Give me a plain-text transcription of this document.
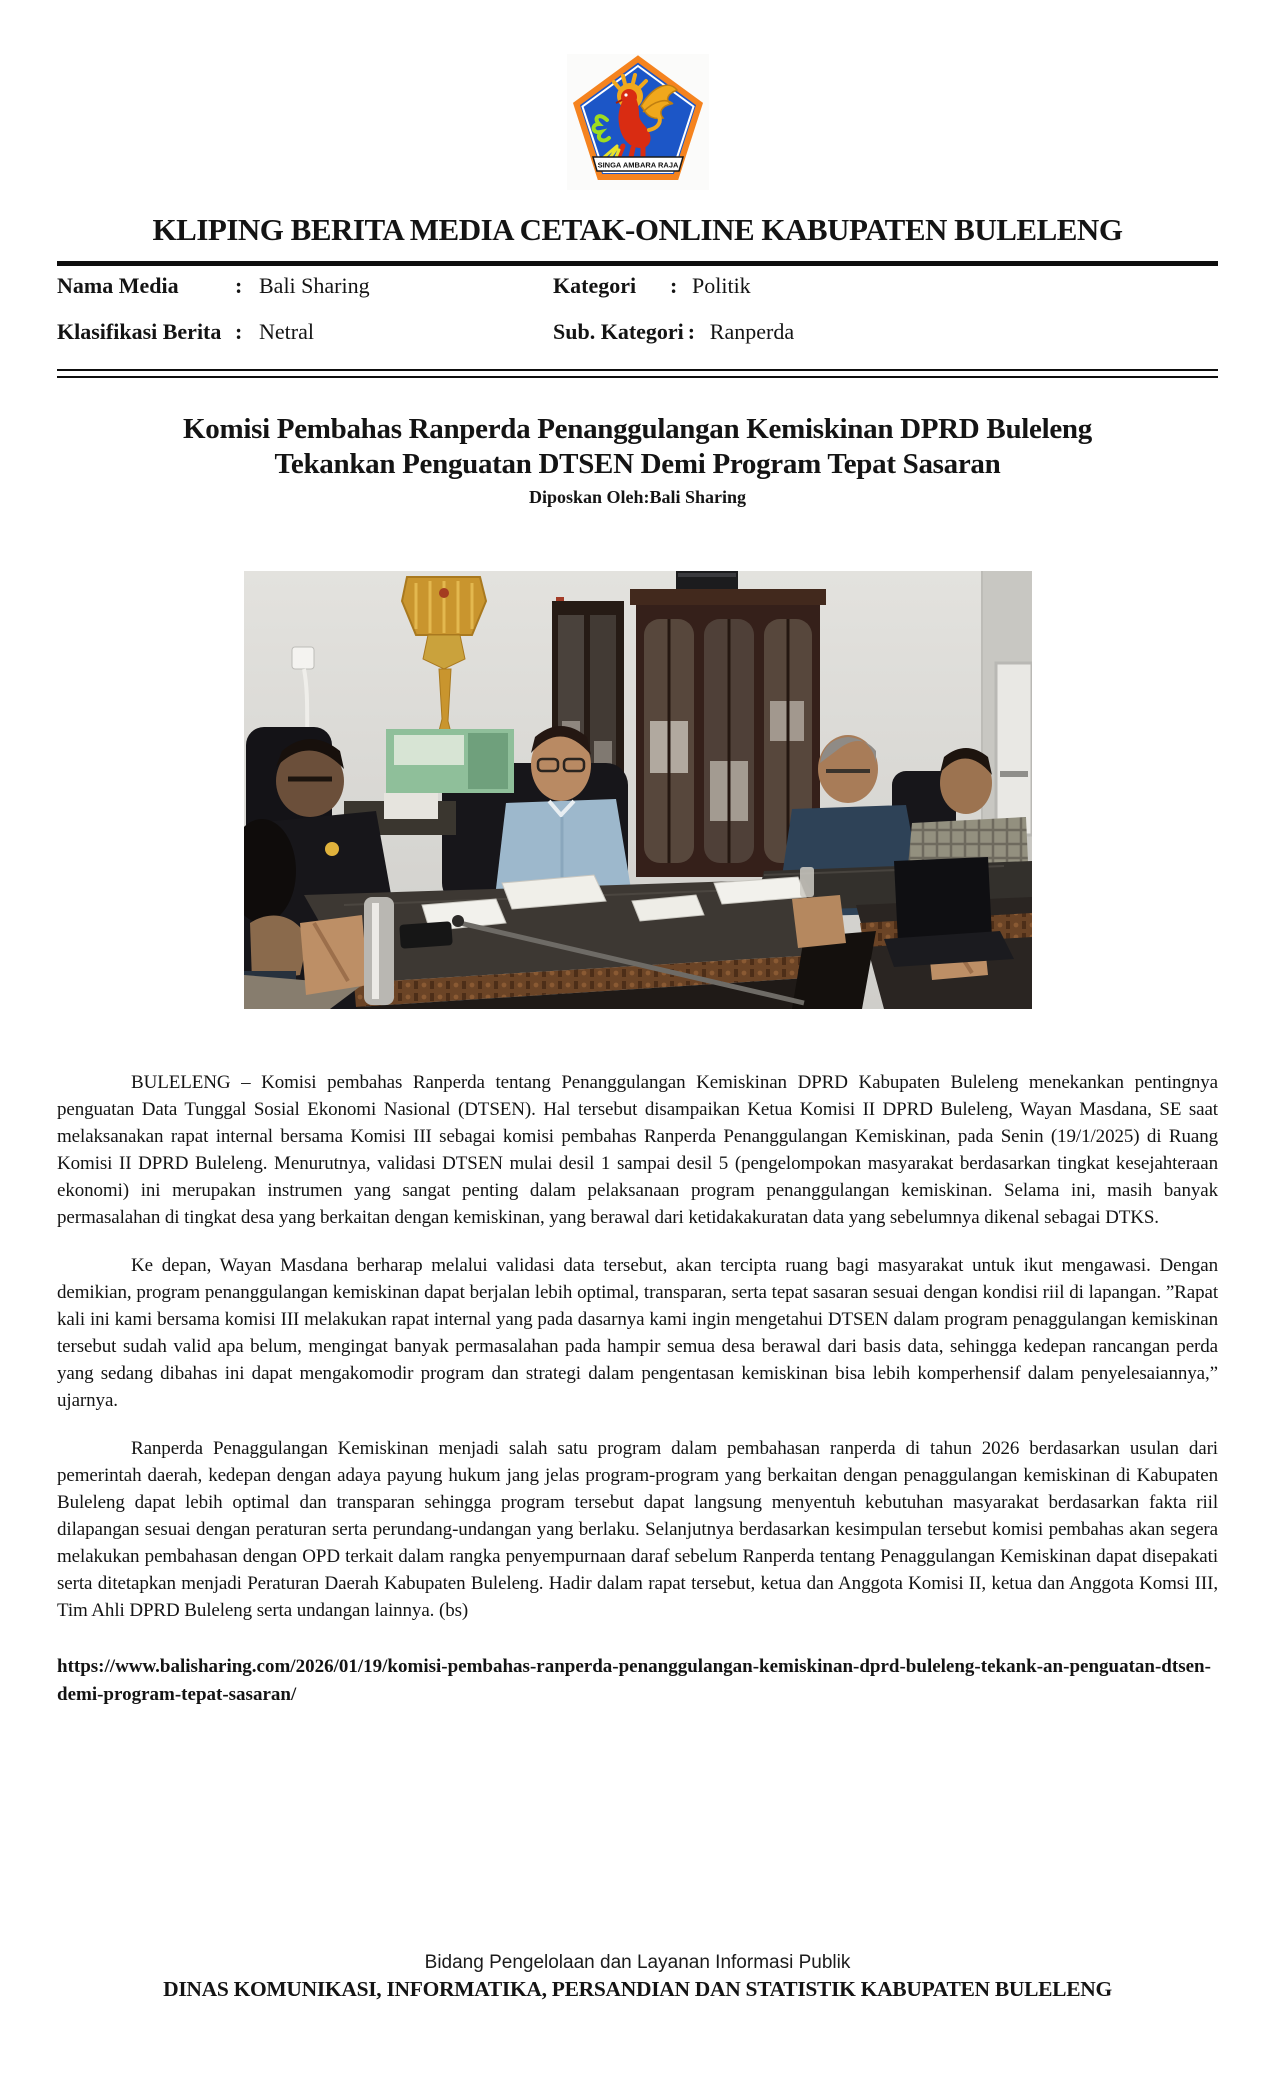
SINGA AMBARA RAJA
KLIPING BERITA MEDIA CETAK-ONLINE KABUPATEN BULELENG
Nama Media	: Bali Sharing	Kategori	: Politik
Klasifikasi Berita : Netral	Sub. Kategori : Ranperda
Komisi Pembahas Ranperda Penanggulangan Kemiskinan DPRD Buleleng
Tekankan Penguatan DTSEN Demi Program Tepat Sasaran
Diposkan Oleh:Bali Sharing

BULELENG – Komisi pembahas Ranperda tentang Penanggulangan Kemiskinan DPRD Kabupaten Buleleng menekankan pentingnya penguatan Data Tunggal Sosial Ekonomi Nasional (DTSEN). Hal tersebut disampaikan Ketua Komisi II DPRD Buleleng, Wayan Masdana, SE saat melaksanakan rapat internal bersama Komisi III sebagai komisi pembahas Ranperda Penanggulangan Kemiskinan, pada Senin (19/1/2025) di Ruang Komisi II DPRD Buleleng. Menurutnya, validasi DTSEN mulai desil 1 sampai desil 5 (pengelompokan masyarakat berdasarkan tingkat kesejahteraan ekonomi) ini merupakan instrumen yang sangat penting dalam pelaksanaan program penanggulangan kemiskinan. Selama ini, masih banyak permasalahan di tingkat desa yang berkaitan dengan kemiskinan, yang berawal dari ketidakakuratan data yang sebelumnya dikenal sebagai DTKS.

Ke depan, Wayan Masdana berharap melalui validasi data tersebut, akan tercipta ruang bagi masyarakat untuk ikut mengawasi. Dengan demikian, program penanggulangan kemiskinan dapat berjalan lebih optimal, transparan, serta tepat sasaran sesuai dengan kondisi riil di lapangan. ”Rapat kali ini kami bersama komisi III melakukan rapat internal yang pada dasarnya kami ingin mengetahui DTSEN dalam program penaggulangan kemiskinan tersebut sudah valid apa belum, mengingat banyak permasalahan pada hampir semua desa berawal dari basis data, sehingga kedepan rancangan perda yang sedang dibahas ini dapat mengakomodir program dan strategi dalam pengentasan kemiskinan bisa lebih komperhensif dalam penyelesaiannya,” ujarnya.

Ranperda Penaggulangan Kemiskinan menjadi salah satu program dalam pembahasan ranperda di tahun 2026 berdasarkan usulan dari pemerintah daerah, kedepan dengan adaya payung hukum jang jelas program-program yang berkaitan dengan penaggulangan kemiskinan di Kabupaten Buleleng dapat lebih optimal dan transparan sehingga program tersebut dapat langsung menyentuh kebutuhan masyarakat berdasarkan fakta riil dilapangan sesuai dengan peraturan serta perundang-undangan yang berlaku. Selanjutnya berdasarkan kesimpulan tersebut komisi pembahas akan segera melakukan pembahasan dengan OPD terkait dalam rangka penyempurnaan daraf sebelum Ranperda tentang Penaggulangan Kemiskinan dapat disepakati serta ditetapkan menjadi Peraturan Daerah Kabupaten Buleleng. Hadir dalam rapat tersebut, ketua dan Anggota Komisi II, ketua dan Anggota Komsi III, Tim Ahli DPRD Buleleng serta undangan lainnya. (bs)

https://www.balisharing.com/2026/01/19/komisi-pembahas-ranperda-penanggulangan-kemiskinan-dprd-buleleng-tekank-an-penguatan-dtsen-demi-program-tepat-sasaran/

Bidang Pengelolaan dan Layanan Informasi Publik
DINAS KOMUNIKASI, INFORMATIKA, PERSANDIAN DAN STATISTIK KABUPATEN BULELENG
